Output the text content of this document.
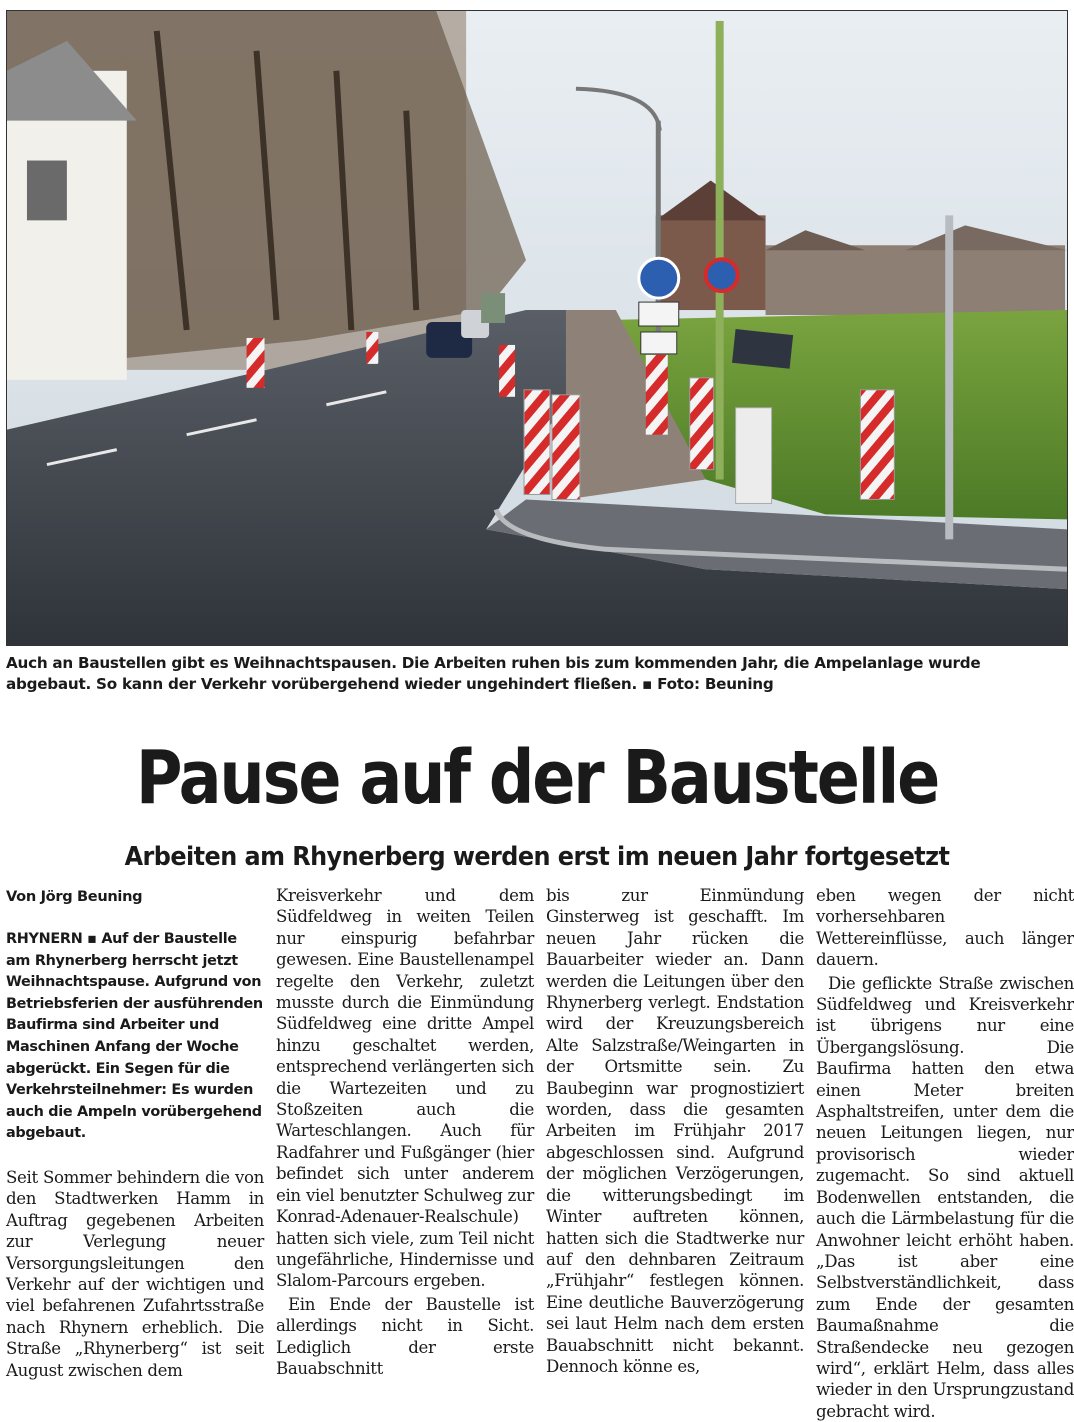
Auch an Baustellen gibt es Weihnachtspausen. Die Arbeiten ruhen bis zum kommenden Jahr, die Ampelanlage wurde abgebaut. So kann der Verkehr vorübergehend wieder ungehindert fließen. ▪ Foto: Beuning

Pause auf der Baustelle
Arbeiten am Rhynerberg werden erst im neuen Jahr fortgesetzt

Von Jörg Beuning

RHYNERN ▪ Auf der Baustelle am Rhynerberg herrscht jetzt Weihnachtspause. Aufgrund von Betriebsferien der ausführenden Baufirma sind Arbeiter und Maschinen Anfang der Woche abgerückt. Ein Segen für die Verkehrsteilnehmer: Es wurden auch die Ampeln vorübergehend abgebaut.

Seit Sommer behindern die von den Stadtwerken Hamm in Auftrag gegebenen Arbeiten zur Verlegung neuer Versorgungsleitungen den Verkehr auf der wichtigen und viel befahrenen Zufahrtsstraße nach Rhynern erheblich. Die Straße „Rhynerberg“ ist seit August zwischen dem

Kreisverkehr und dem Südfeldweg in weiten Teilen nur einspurig befahrbar gewesen. Eine Baustellenampel regelte den Verkehr, zuletzt musste durch die Einmündung Südfeldweg eine dritte Ampel hinzu geschaltet werden, entsprechend verlängerten sich die Wartezeiten und zu Stoßzeiten auch die Warteschlangen. Auch für Radfahrer und Fußgänger (hier befindet sich unter anderem ein viel benutzter Schulweg zur Konrad-Adenauer-Realschule) hatten sich viele, zum Teil nicht ungefährliche, Hindernisse und Slalom-Parcours ergeben.

Ein Ende der Baustelle ist allerdings nicht in Sicht. Lediglich der erste Bauabschnitt

bis zur Einmündung Ginsterweg ist geschafft. Im neuen Jahr rücken die Bauarbeiter wieder an. Dann werden die Leitungen über den Rhynerberg verlegt. Endstation wird der Kreuzungsbereich Alte Salzstraße/Weingarten in der Ortsmitte sein. Zu Baubeginn war prognostiziert worden, dass die gesamten Arbeiten im Frühjahr 2017 abgeschlossen sind. Aufgrund der möglichen Verzögerungen, die witterungsbedingt im Winter auftreten können, hatten sich die Stadtwerke nur auf den dehnbaren Zeitraum „Frühjahr“ festlegen können. Eine deutliche Bauverzögerung sei laut Helm nach dem ersten Bauabschnitt nicht bekannt. Dennoch könne es,

eben wegen der nicht vorhersehbaren Wettereinflüsse, auch länger dauern.

Die geflickte Straße zwischen Südfeldweg und Kreisverkehr ist übrigens nur eine Übergangslösung. Die Baufirma hatten den etwa einen Meter breiten Asphaltstreifen, unter dem die neuen Leitungen liegen, nur provisorisch wieder zugemacht. So sind aktuell Bodenwellen entstanden, die auch die Lärmbelastung für die Anwohner leicht erhöht haben. „Das ist aber eine Selbstverständlichkeit, dass zum Ende der gesamten Baumaßnahme die Straßendecke neu gezogen wird“, erklärt Helm, dass alles wieder in den Ursprungzustand gebracht wird.
